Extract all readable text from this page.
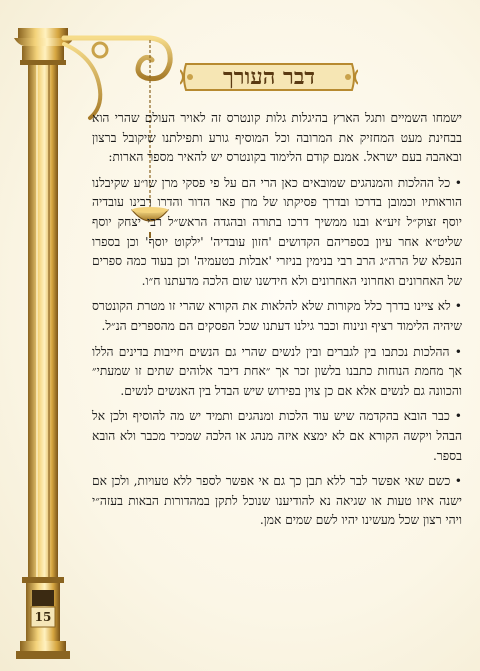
דבר העורך
15

ישמחו השמיים ותגל הארץ בהיגלות גלות קונטרס זה לאויר העולם שהרי הוא בבחינת מעט המחזיק את המרובה וכל המוסיף גורע ותפילתנו שיקובל ברצון ובאהבה בעם ישראל. אמנם קודם הלימוד בקונטרס יש להאיר מספר הארות:

• כל ההלכות והמנהגים שמובאים כאן הרי הם על פי פסקי מרן שו״ע שקיבלנו הוראותיו וכמובן בדרכו ובדרך פסיקתו של מרן פאר הדור והדרו רבינו עובדיה יוסף זצוק״ל זיע״א ובנו ממשיך דרכו בתורה ובהגדה הראש״ל רבי יצחק יוסף שליט״א אחר עיון בספריהם הקדושים 'חזון עובדיה' 'ילקוט יוסף' וכן בספרו הנפלא של הרה״ג הרב רבי בנימין בניזרי 'אבלות בטעמיה' וכן בעוד כמה ספרים של האחרונים ואחרוני האחרונים ולא חידשנו שום הלכה מדעתנו ח״ו.

• לא ציינו בדרך כלל מקורות שלא להלאות את הקורא שהרי זו מטרת הקונטרס שיהיה הלימוד רציף ונינוח וכבר גילנו דעתנו שכל הפסקים הם מהספרים הנ״ל.

• ההלכות נכתבו בין לגברים ובין לנשים שהרי גם הנשים חייבות בדינים הללו אך מחמת הנוחות כתבנו בלשון זכר אך ״אחת דיבר אלוהים שתים זו שמעתי״ והכוונה גם לנשים אלא אם כן צוין בפירוש שיש הבדל בין האנשים לנשים.

• כבר הובא בהקדמה שיש עוד הלכות ומנהגים ותמיד יש מה להוסיף ולכן אל הבהל ויקשה הקורא אם לא ימצא איזה מנהג או הלכה שמכיר מכבר ולא הובא בספר.

• כשם שאי אפשר לבר ללא תבן כך גם אי אפשר לספר ללא טעויות, ולכן אם ישנה איזו טעות או שגיאה נא להודיענו שנוכל לתקן במהדורות הבאות בעזה״י ויהי רצון שכל מעשינו יהיו לשם שמים אמן.
